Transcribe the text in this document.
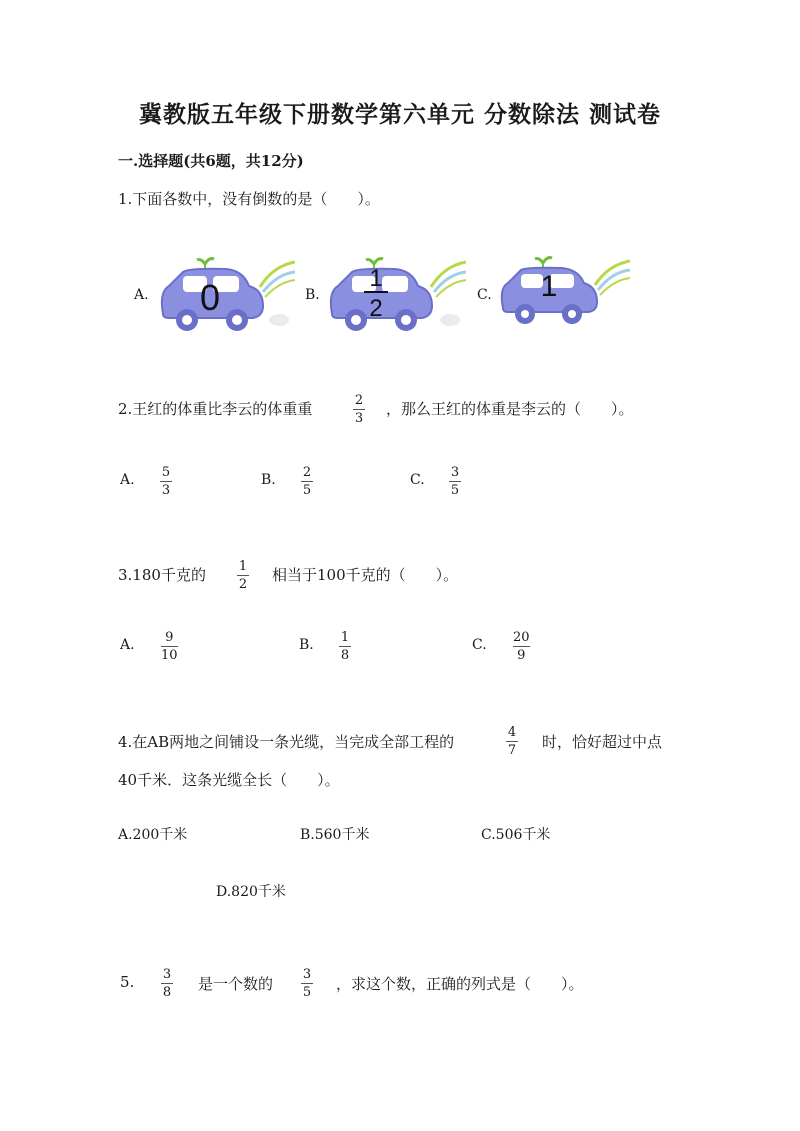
冀教版五年级下册数学第六单元 分数除法 测试卷
一.选择题(共6题，共12分)
1.下面各数中，没有倒数的是（　　）。
A.	B.	C.
0	1
2
1
2.王红的体重比李云的体重重	2
3
，那么王红的体重是李云的（　　）。
A. 5
3
B. 2
5
C. 3
5
3.180千克的	1
2
相当于100千克的（　　）。
A. 9
10
B. 1
8
C. 20
9
4.在AB两地之间铺设一条光缆，当完成全部工程的
4
7 时，恰好超过中点
40千米．这条光缆全长（　　）。
A.200千米	B.560千米	C.506千米
D.820千米
5. 3
8 是一个数的
3
5 ，求这个数，正确的列式是（　　）。
